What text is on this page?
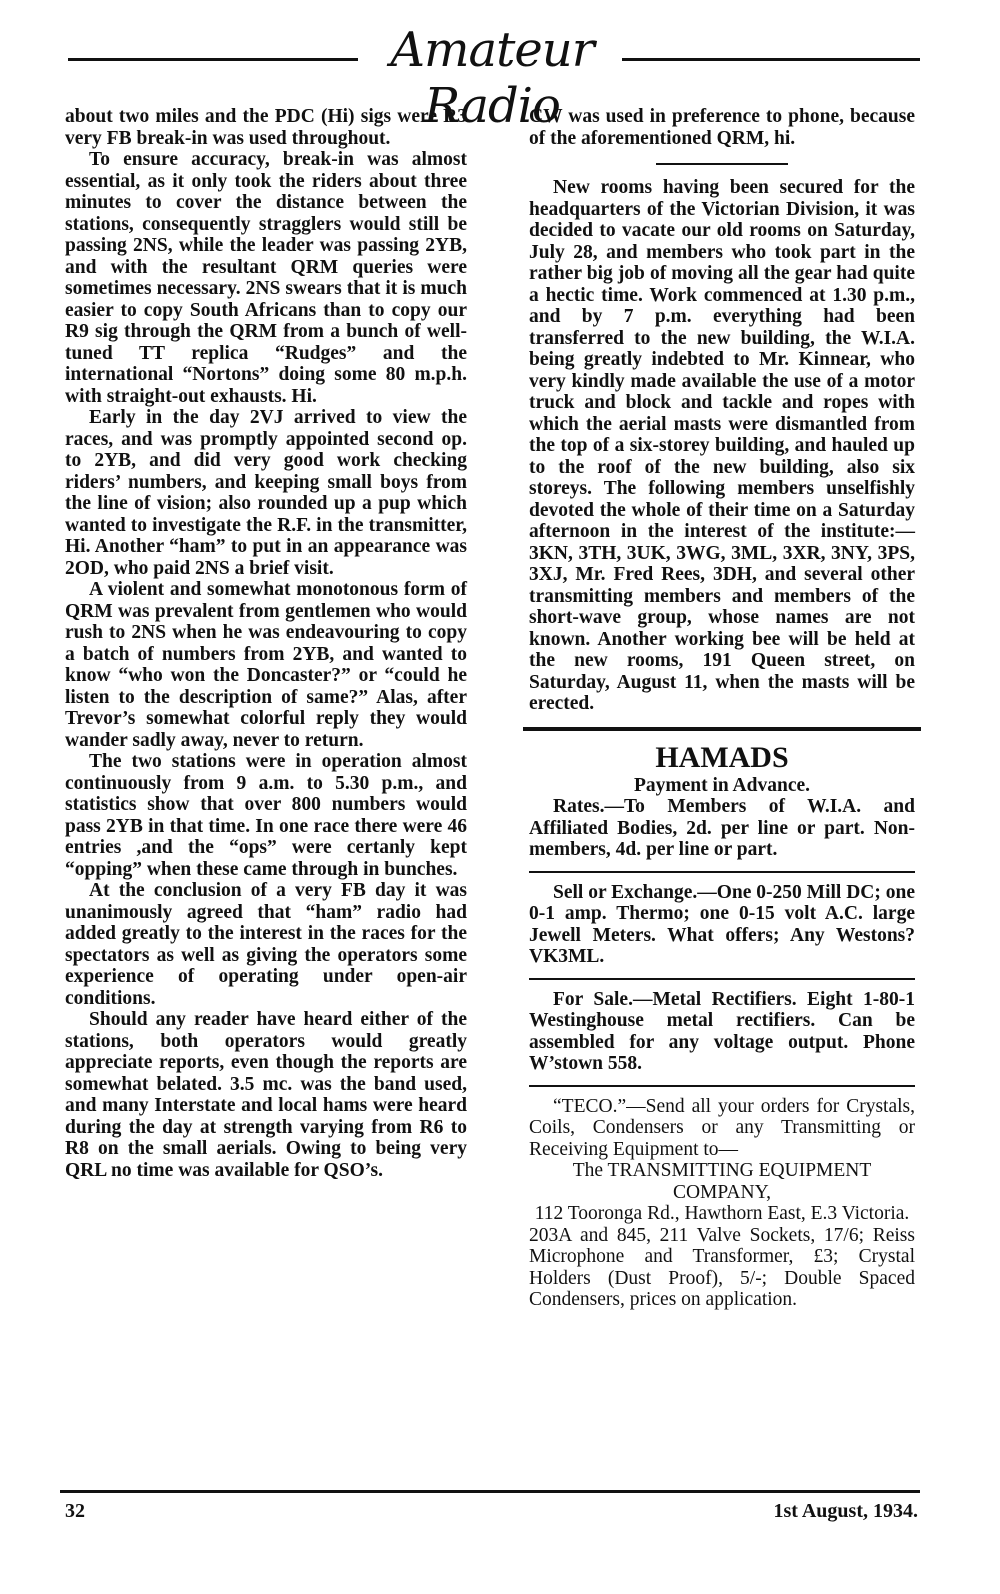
Amateur Radio

about two miles and the PDC (Hi) sigs were R3 very FB break-in was used throughout.

To ensure accuracy, break-in was almost essential, as it only took the riders about three minutes to cover the distance between the stations, consequently stragglers would still be passing 2NS, while the leader was passing 2YB, and with the resultant QRM queries were sometimes necessary. 2NS swears that it is much easier to copy South Africans than to copy our R9 sig through the QRM from a bunch of well-tuned TT replica “Rudges” and the international “Nortons” doing some 80 m.p.h. with straight-out exhausts. Hi.

Early in the day 2VJ arrived to view the races, and was promptly appointed second op. to 2YB, and did very good work checking riders’ numbers, and keeping small boys from the line of vision; also rounded up a pup which wanted to investigate the R.F. in the transmitter, Hi. Another “ham” to put in an appearance was 2OD, who paid 2NS a brief visit.

A violent and somewhat monotonous form of QRM was prevalent from gentlemen who would rush to 2NS when he was endeavouring to copy a batch of numbers from 2YB, and wanted to know “who won the Doncaster?” or “could he listen to the description of same?” Alas, after Trevor’s somewhat colorful reply they would wander sadly away, never to return.

The two stations were in operation almost continuously from 9 a.m. to 5.30 p.m., and statistics show that over 800 numbers would pass 2YB in that time. In one race there were 46 entries ,and the “ops” were certanly kept “opping” when these came through in bunches.

At the conclusion of a very FB day it was unanimously agreed that “ham” radio had added greatly to the interest in the races for the spectators as well as giving the operators some experience of operating under open-air conditions.

Should any reader have heard either of the stations, both operators would greatly appreciate reports, even though the reports are somewhat belated. 3.5 mc. was the band used, and many Interstate and local hams were heard during the day at strength varying from R6 to R8 on the small aerials. Owing to being very QRL no time was available for QSO’s.

CW was used in preference to phone, because of the aforementioned QRM, hi.

New rooms having been secured for the headquarters of the Victorian Division, it was decided to vacate our old rooms on Saturday, July 28, and members who took part in the rather big job of moving all the gear had quite a hectic time. Work commenced at 1.30 p.m., and by 7 p.m. everything had been transferred to the new building, the W.I.A. being greatly indebted to Mr. Kinnear, who very kindly made available the use of a motor truck and block and tackle and ropes with which the aerial masts were dismantled from the top of a six-storey building, and hauled up to the roof of the new building, also six storeys. The following members unselfishly devoted the whole of their time on a Saturday afternoon in the interest of the institute:—3KN, 3TH, 3UK, 3WG, 3ML, 3XR, 3NY, 3PS, 3XJ, Mr. Fred Rees, 3DH, and several other transmitting members and members of the short-wave group, whose names are not known. Another working bee will be held at the new rooms, 191 Queen street, on Saturday, August 11, when the masts will be erected.

HAMADS
Payment in Advance.

Rates.—To Members of W.I.A. and Affiliated Bodies, 2d. per line or part. Non-members, 4d. per line or part.

Sell or Exchange.—One 0-250 Mill DC; one 0-1 amp. Thermo; one 0-15 volt A.C. large Jewell Meters. What offers; Any Westons? VK3ML.

For Sale.—Metal Rectifiers. Eight 1-80-1 Westinghouse metal rectifiers. Can be assembled for any voltage output. Phone W’stown 558.

“TECO.”—Send all your orders for Crystals, Coils, Condensers or any Transmitting or Receiving Equipment to—

The TRANSMITTING EQUIPMENT COMPANY,

112 Tooronga Rd., Hawthorn East, E.3 Victoria.

203A and 845, 211 Valve Sockets, 17/6; Reiss Microphone and Transformer, £3; Crystal Holders (Dust Proof), 5/-; Double Spaced Condensers, prices on application.

32	1st August, 1934.
